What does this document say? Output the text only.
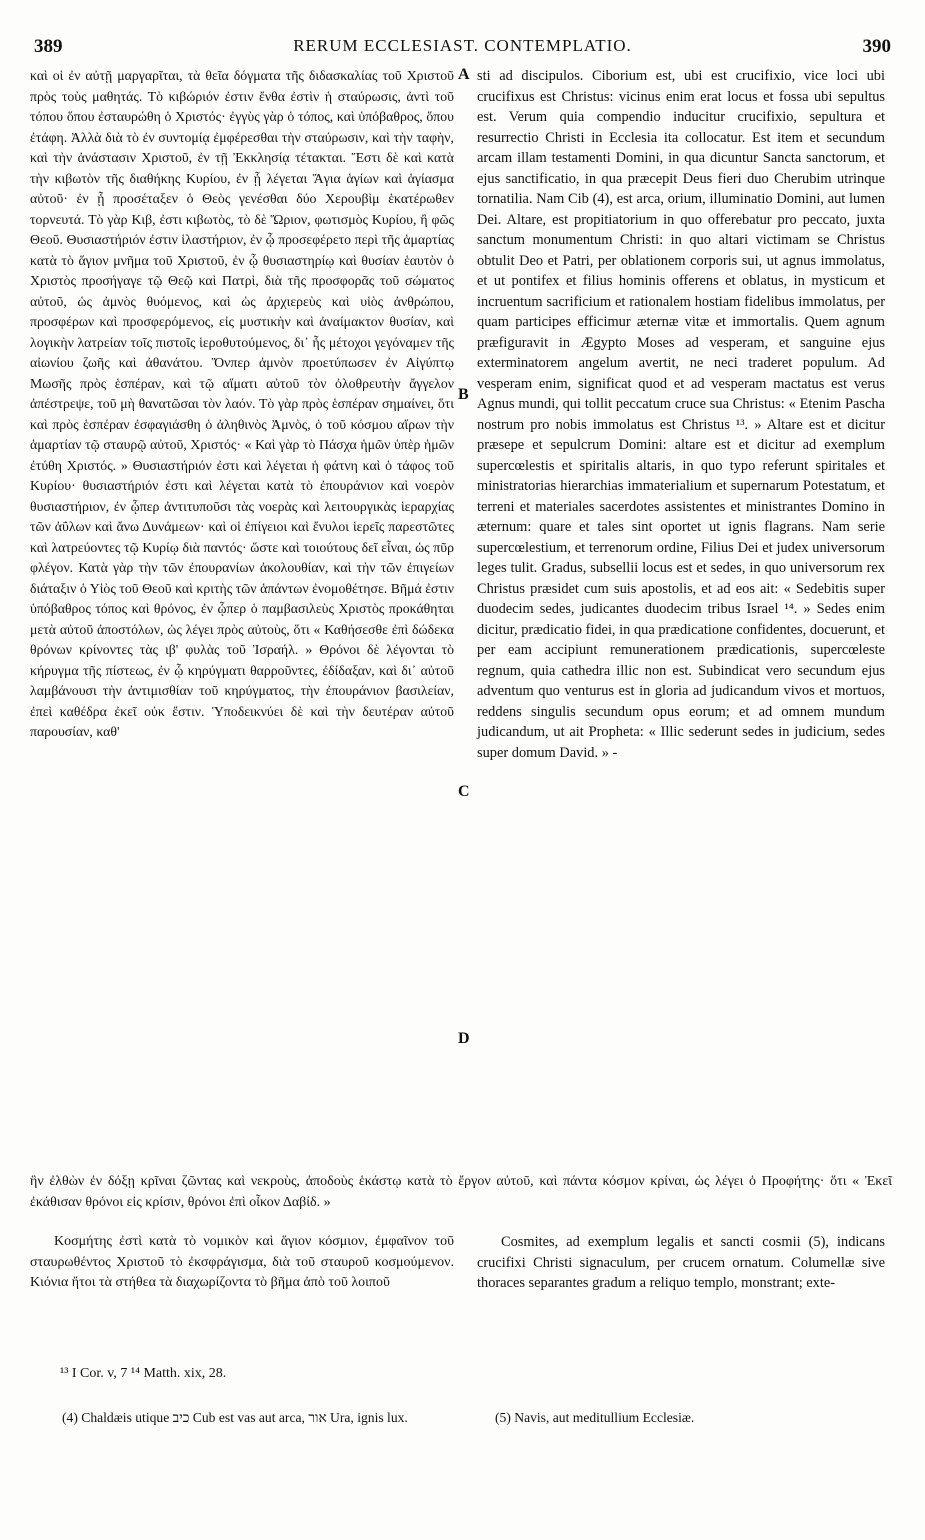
389	RERUM ECCLESIAST. CONTEMPLATIO.	390

καὶ οἱ ἐν αὐτῇ μαργαρῖται, τὰ θεῖα δόγματα τῆς διδασκαλίας τοῦ Χριστοῦ πρὸς τοὺς μαθητάς. Τὸ κιβώριόν ἐστιν ἔνθα ἐστὶν ἡ σταύρωσις, ἀντὶ τοῦ τόπου ὅπου ἐσταυρώθη ὁ Χριστός· ἐγγὺς γὰρ ὁ τόπος, καὶ ὑπόβαθρος, ὅπου ἐτάφη. Ἀλλὰ διὰ τὸ ἐν συντομίᾳ ἐμφέρεσθαι τὴν σταύρωσιν, καὶ τὴν ταφὴν, καὶ τὴν ἀνάστασιν Χριστοῦ, ἐν τῇ Ἐκκλησίᾳ τέτακται. Ἔστι δὲ καὶ κατὰ τὴν κιβωτὸν τῆς διαθήκης Κυρίου, ἐν ᾗ λέγεται Ἅγια ἁγίων καὶ ἁγίασμα αὐτοῦ· ἐν ᾗ προσέταξεν ὁ Θεὸς γενέσθαι δύο Χερουβὶμ ἑκατέρωθεν τορνευτά. Τὸ γὰρ Κιβ, ἐστι κιβωτὸς, τὸ δὲ Ὥριον, φωτισμὸς Κυρίου, ἢ φῶς Θεοῦ. Θυσιαστήριόν ἐστιν ἱλαστήριον, ἐν ᾧ προσεφέρετο περὶ τῆς ἁμαρτίας κατὰ τὸ ἅγιον μνῆμα τοῦ Χριστοῦ, ἐν ᾧ θυσιαστηρίῳ καὶ θυσίαν ἑαυτὸν ὁ Χριστὸς προσήγαγε τῷ Θεῷ καὶ Πατρὶ, διὰ τῆς προσφορᾶς τοῦ σώματος αὐτοῦ, ὡς ἀμνὸς θυόμενος, καὶ ὡς ἀρχιερεὺς καὶ υἱὸς ἀνθρώπου, προσφέρων καὶ προσφερόμενος, εἰς μυστικὴν καὶ ἀναίμακτον θυσίαν, καὶ λογικὴν λατρείαν τοῖς πιστοῖς ἱεροθυτούμενος, δι᾽ ἧς μέτοχοι γεγόναμεν τῆς αἰωνίου ζωῆς καὶ ἀθανάτου. Ὅνπερ ἀμνὸν προετύπωσεν ἐν Αἰγύπτῳ Μωσῆς πρὸς ἑσπέραν, καὶ τῷ αἵματι αὐτοῦ τὸν ὀλοθρευτὴν ἄγγελον ἀπέστρεψε, τοῦ μὴ θανατῶσαι τὸν λαόν. Τὸ γὰρ πρὸς ἑσπέραν σημαίνει, ὅτι καὶ πρὸς ἑσπέραν ἐσφαγιάσθη ὁ ἀληθινὸς Ἀμνὸς, ὁ τοῦ κόσμου αἴρων τὴν ἁμαρτίαν τῷ σταυρῷ αὐτοῦ, Χριστός· « Καὶ γὰρ τὸ Πάσχα ἡμῶν ὑπὲρ ἡμῶν ἐτύθη Χριστός. » Θυσιαστήριόν ἐστι καὶ λέγεται ἡ φάτνη καὶ ὁ τάφος τοῦ Κυρίου· θυσιαστήριόν ἐστι καὶ λέγεται κατὰ τὸ ἐπουράνιον καὶ νοερὸν θυσιαστήριον, ἐν ᾧπερ ἀντιτυποῦσι τὰς νοερὰς καὶ λειτουργικὰς ἱεραρχίας τῶν ἀΰλων καὶ ἄνω Δυνάμεων· καὶ οἱ ἐπίγειοι καὶ ἔνυλοι ἱερεῖς παρεστῶτες καὶ λατρεύοντες τῷ Κυρίῳ διὰ παντός· ὥστε καὶ τοιούτους δεῖ εἶναι, ὡς πῦρ φλέγον. Κατὰ γὰρ τὴν τῶν ἐπουρανίων ἀκολουθίαν, καὶ τὴν τῶν ἐπιγείων διάταξιν ὁ Υἱὸς τοῦ Θεοῦ καὶ κριτὴς τῶν ἁπάντων ἐνομοθέτησε. Βῆμά ἐστιν ὑπόβαθρος τόπος καὶ θρόνος, ἐν ᾧπερ ὁ παμβασιλεὺς Χριστὸς προκάθηται μετὰ αὐτοῦ ἀποστόλων, ὡς λέγει πρὸς αὐτοὺς, ὅτι « Καθήσεσθε ἐπὶ δώδεκα θρόνων κρίνοντες τὰς ιβ' φυλὰς τοῦ Ἰσραήλ. » Θρόνοι δὲ λέγονται τὸ κήρυγμα τῆς πίστεως, ἐν ᾧ κηρύγματι θαρροῦντες, ἐδίδαξαν, καὶ δι᾽ αὐτοῦ λαμβάνουσι τὴν ἀντιμισθίαν τοῦ κηρύγματος, τὴν ἐπουράνιον βασιλείαν, ἐπεὶ καθέδρα ἐκεῖ οὐκ ἔστιν. Ὑποδεικνύει δὲ καὶ τὴν δευτέραν αὐτοῦ παρουσίαν, καθ'

sti ad discipulos. Ciborium est, ubi est crucifixio, vice loci ubi crucifixus est Christus: vicinus enim erat locus et fossa ubi sepultus est. Verum quia compendio inducitur crucifixio, sepultura et resurrectio Christi in Ecclesia ita collocatur. Est item et secundum arcam illam testamenti Domini, in qua dicuntur Sancta sanctorum, et ejus sanctificatio, in qua præcepit Deus fieri duo Cherubim utrinque tornatilia. Nam Cib (4), est arca, orium, illuminatio Domini, aut lumen Dei. Altare, est propitiatorium in quo offerebatur pro peccato, juxta sanctum monumentum Christi: in quo altari victimam se Christus obtulit Deo et Patri, per oblationem corporis sui, ut agnus immolatus, et ut pontifex et filius hominis offerens et oblatus, in mysticum et incruentum sacrificium et rationalem hostiam fidelibus immolatus, per quam participes efficimur æternæ vitæ et immortalis. Quem agnum præfiguravit in Ægypto Moses ad vesperam, et sanguine ejus exterminatorem angelum avertit, ne neci traderet populum. Ad vesperam enim, significat quod et ad vesperam mactatus est verus Agnus mundi, qui tollit peccatum cruce sua Christus: « Etenim Pascha nostrum pro nobis immolatus est Christus ¹³. » Altare est et dicitur præsepe et sepulcrum Domini: altare est et dicitur ad exemplum supercœlestis et spiritalis altaris, in quo typo referunt spiritales et ministratorias hierarchias immaterialium et supernarum Potestatum, et terreni et materiales sacerdotes assistentes et ministrantes Domino in æternum: quare et tales sint oportet ut ignis flagrans. Nam serie supercœlestium, et terrenorum ordine, Filius Dei et judex universorum leges tulit. Gradus, subsellii locus est et sedes, in quo universorum rex Christus præsidet cum suis apostolis, et ad eos ait: « Sedebitis super duodecim sedes, judicantes duodecim tribus Israel ¹⁴. » Sedes enim dicitur, prædicatio fidei, in qua prædicatione confidentes, docuerunt, et per eam accipiunt remunerationem prædicationis, supercœleste regnum, quia cathedra illic non est. Subindicat vero secundum ejus adventum quo venturus est in gloria ad judicandum vivos et mortuos, reddens singulis secundum opus eorum; et ad omnem mundum judicandum, ut ait Propheta: « Illic sederunt sedes in judicium, sedes super domum David. » -

A
B
C
D

ἣν ἐλθὼν ἐν δόξῃ κρῖναι ζῶντας καὶ νεκροὺς, ἀποδοὺς ἑκάστῳ κατὰ τὸ ἔργον αὐτοῦ, καὶ πάντα κόσμον κρίναι, ὡς λέγει ὁ Προφήτης· ὅτι « Ἐκεῖ ἐκάθισαν θρόνοι εἰς κρίσιν, θρόνοι ἐπὶ οἶκον Δαβίδ. »

Κοσμήτης ἐστὶ κατὰ τὸ νομικὸν καὶ ἅγιον κόσμιον, ἐμφαῖνον τοῦ σταυρωθέντος Χριστοῦ τὸ ἐκσφράγισμα, διὰ τοῦ σταυροῦ κοσμούμενον. Κιόνια ἤτοι τὰ στήθεα τὰ διαχωρίζοντα τὸ βῆμα ἀπὸ τοῦ λοιποῦ

Cosmites, ad exemplum legalis et sancti cosmii (5), indicans crucifixi Christi signaculum, per crucem ornatum. Columellæ sive thoraces separantes gradum a reliquo templo, monstrant; exte-

¹³ I Cor. v, 7 ¹⁴ Matth. xix, 28.
(4) Chaldæis utique כיב Cub est vas aut arca, אור Ura, ignis lux.	(5) Navis, aut meditullium Ecclesiæ.
